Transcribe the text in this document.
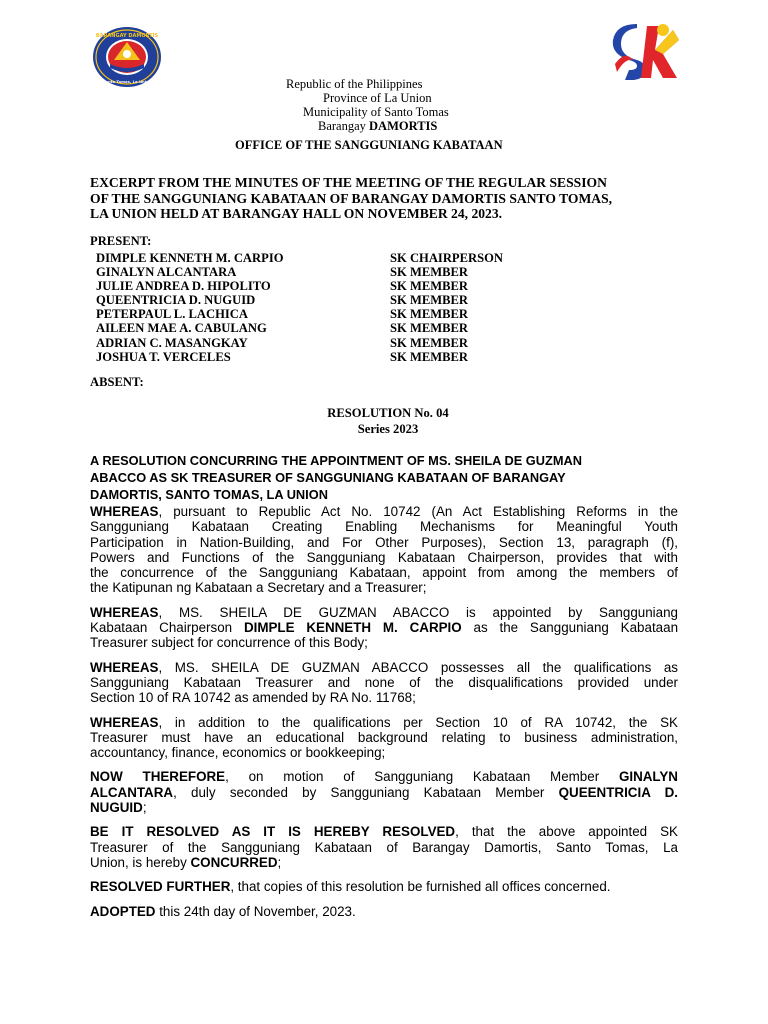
BARANGAY DAMORTIS
Santo Tomas, La Union
SK
Republic of the Philippines
Province of La Union
Municipality of Santo Tomas
Barangay DAMORTIS
OFFICE OF THE SANGGUNIANG KABATAAN
EXCERPT FROM THE MINUTES OF THE MEETING OF THE REGULAR SESSION
OF THE SANGGUNIANG KABATAAN OF BARANGAY DAMORTIS SANTO TOMAS,
LA UNION HELD AT BARANGAY HALL ON NOVEMBER 24, 2023.
PRESENT:
DIMPLE KENNETH M. CARPIO	SK CHAIRPERSON
GINALYN ALCANTARA	SK MEMBER
JULIE ANDREA D. HIPOLITO	SK MEMBER
QUEENTRICIA D. NUGUID	SK MEMBER
PETERPAUL L. LACHICA	SK MEMBER
AILEEN MAE A. CABULANG	SK MEMBER
ADRIAN C. MASANGKAY	SK MEMBER
JOSHUA T. VERCELES	SK MEMBER
ABSENT:
RESOLUTION No. 04
Series 2023
A RESOLUTION CONCURRING THE APPOINTMENT OF MS. SHEILA DE GUZMAN
ABACCO AS SK TREASURER OF SANGGUNIANG KABATAAN OF BARANGAY
DAMORTIS, SANTO TOMAS, LA UNION
WHEREAS, pursuant to Republic Act No. 10742 (An Act Establishing Reforms in the
Sangguniang Kabataan Creating Enabling Mechanisms for Meaningful Youth
Participation in Nation-Building, and For Other Purposes), Section 13, paragraph (f),
Powers and Functions of the Sangguniang Kabataan Chairperson, provides that with
the concurrence of the Sangguniang Kabataan, appoint from among the members of
the Katipunan ng Kabataan a Secretary and a Treasurer;
WHEREAS, MS. SHEILA DE GUZMAN ABACCO is appointed by Sangguniang
Kabataan Chairperson DIMPLE KENNETH M. CARPIO as the Sangguniang Kabataan
Treasurer subject for concurrence of this Body;
WHEREAS, MS. SHEILA DE GUZMAN ABACCO possesses all the qualifications as
Sangguniang Kabataan Treasurer and none of the disqualifications provided under
Section 10 of RA 10742 as amended by RA No. 11768;
WHEREAS, in addition to the qualifications per Section 10 of RA 10742, the SK
Treasurer must have an educational background relating to business administration,
accountancy, finance, economics or bookkeeping;
NOW THEREFORE, on motion of Sangguniang Kabataan Member GINALYN
ALCANTARA, duly seconded by Sangguniang Kabataan Member QUEENTRICIA D.
NUGUID;
BE IT RESOLVED AS IT IS HEREBY RESOLVED, that the above appointed SK
Treasurer of the Sangguniang Kabataan of Barangay Damortis, Santo Tomas, La
Union, is hereby CONCURRED;
RESOLVED FURTHER, that copies of this resolution be furnished all offices concerned.
ADOPTED this 24th day of November, 2023.
